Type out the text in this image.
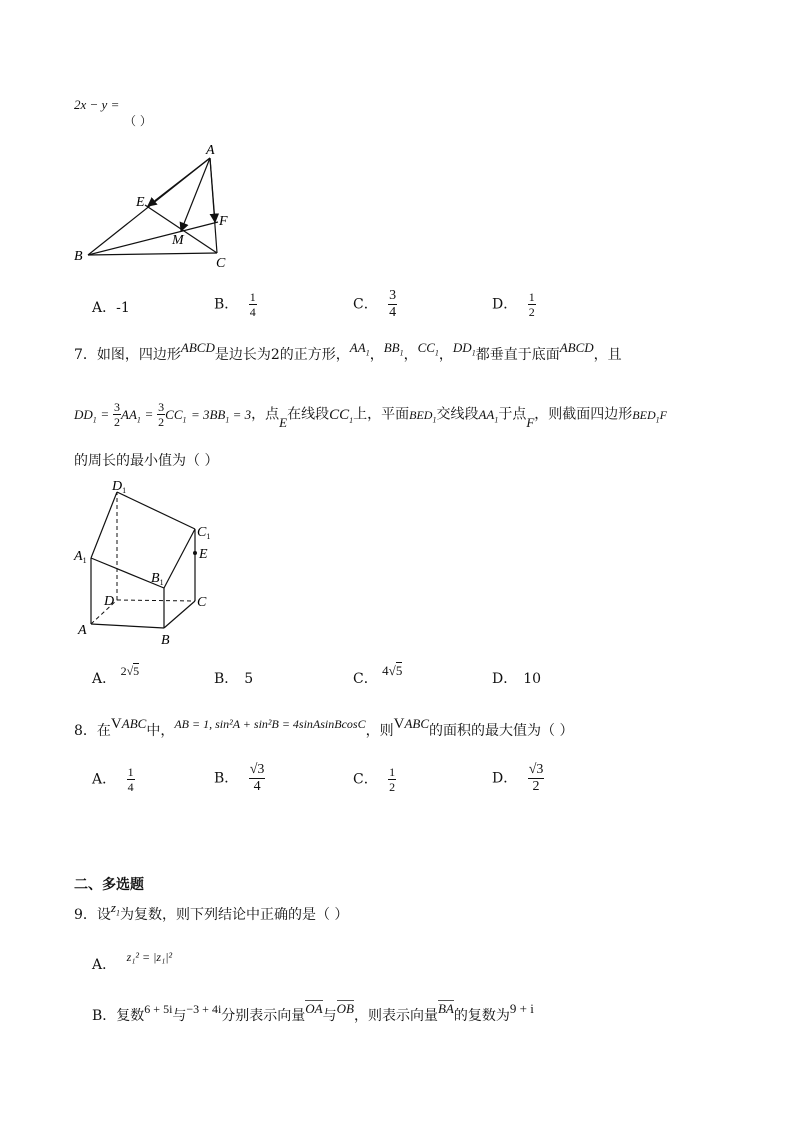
2x − y =
（ ）
A
B	C
E
F
M
A．-1	B． $\frac{1}{4}$	C． $\frac{3}{4}$	D． $\frac{1}{2}$
7．如图，四边形ABCD是边长为2的正方形，$AA_1$，$BB_1$，$CC_1$，$DD_1$都垂直于底面ABCD，且
$DD_1 = \frac{3}{2} AA_1 = \frac{3}{2} CC_1 = 3BB_1 = 3$，点E在线段$CC_1$上，平面$BED_1$交线段$AA_1$于点F，则截面四边形$BED_1F$
的周长的最小值为（ ）
$D_1$
$C_1$
$A_1$
$B_1$
E
D	C
A
B
A． 2√5	B． 5	C． 4√5
D． 10
8．在VABC中，AB = 1, sin²A + sin²B = 4sinAsinBcosC，则VABC的面积的最大值为（ ）
A． $\frac{1}{4}$	B． $\frac{√3}{4}$	C． $\frac{1}{2}$	D． $\frac{√3}{2}$
二、多选题
9．设$z_1$为复数，则下列结论中正确的是（ ）
A． z₁² = |z₁|²
B．复数6 + 5i与−3 + 4i分别表示向量OA与OB，则表示向量BA的复数为9 + i
